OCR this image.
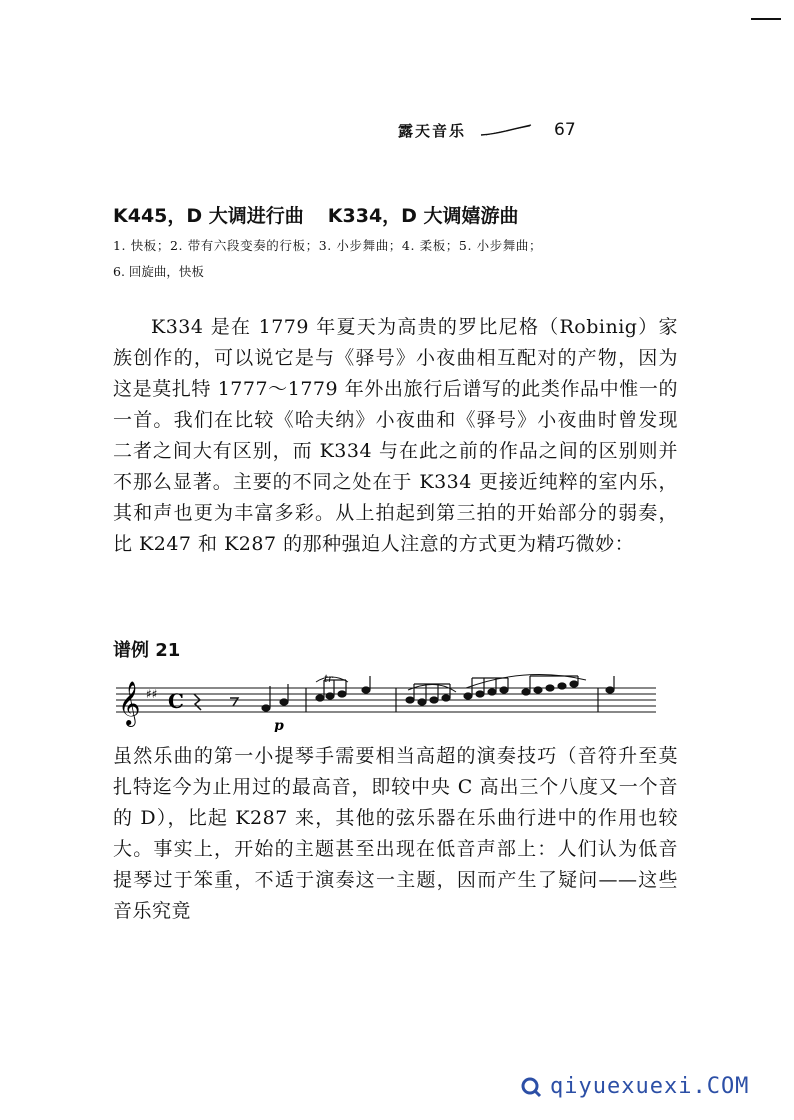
露天音乐	67
K445，D 大调进行曲 K334，D 大调嬉游曲
1. 快板；2. 带有六段变奏的行板；3. 小步舞曲；4. 柔板；5. 小步舞曲；
6. 回旋曲，快板
K334 是在 1779 年夏天为高贵的罗比尼格（Robinig）家族创作的，可以说它是与《驿号》小夜曲相互配对的产物，因为这是莫扎特 1777～1779 年外出旅行后谱写的此类作品中惟一的一首。我们在比较《哈夫纳》小夜曲和《驿号》小夜曲时曾发现二者之间大有区别，而 K334 与在此之前的作品之间的区别则并不那么显著。主要的不同之处在于 K334 更接近纯粹的室内乐，其和声也更为丰富多彩。从上拍起到第三拍的开始部分的弱奏，比 K247 和 K287 的那种强迫人注意的方式更为精巧微妙：
谱例 21
𝄞 ♯♯ C
tr
p
虽然乐曲的第一小提琴手需要相当高超的演奏技巧（音符升至莫扎特迄今为止用过的最高音，即较中央 C 高出三个八度又一个音的 D），比起 K287 来，其他的弦乐器在乐曲行进中的作用也较大。事实上，开始的主题甚至出现在低音声部上：人们认为低音提琴过于笨重，不适于演奏这一主题，因而产生了疑问——这些音乐究竟
qiyuexuexi.COM
